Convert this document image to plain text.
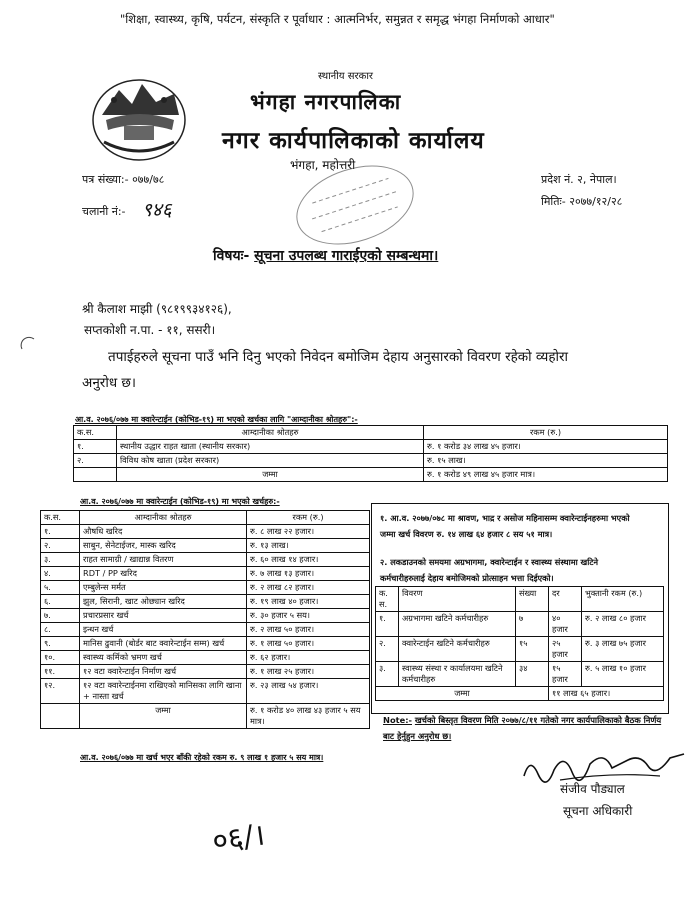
"शिक्षा, स्वास्थ्य, कृषि, पर्यटन, संस्कृति र पूर्वाधार : आत्मनिर्भर, समुन्नत र समृद्ध भंगहा निर्माणको आधार"
स्थानीय सरकार
भंगहा नगरपालिका
नगर कार्यपालिकाको कार्यालय
भंगहा, महोत्तरी
पत्र संख्या:- ०७७/७८
चलानी नं:- ९४६
प्रदेश नं. २, नेपाल।
मितिः- २०७७/१२/२८
विषयः- सूचना उपलब्ध गाराईएको सम्बन्धमा।
श्री कैलाश माझी (९८१९९३४१२६),
सप्तकोशी न.पा. - ११, ससरी।
तपाईहरुले सूचना पाउँ भनि दिनु भएको निवेदन बमोजिम देहाय अनुसारको विवरण रहेको व्यहोरा
अनुरोध छ।
आ.व. २०७६/०७७ मा क्वारेन्टाईन (कोभिड-१९) मा भएको खर्चका लागि "आम्दानीका श्रोतहरु":-
क.स.	आम्दानीका श्रोतहरु	रकम (रु.)
१.	स्थानीय उद्धार राहत खाता (स्थानीय सरकार)	रु. १ करोड ३४ लाख ४५ हजार।
२.	विविध कोष खाता (प्रदेश सरकार)	रु. १५ लाख।
	जम्मा	रु. १ करोड ४९ लाख ४५ हजार मात्र।
आ.व. २०७६/०७७ मा क्वारेन्टाईन (कोभिड-१९) मा भएको खर्चहरु:-
क.स.	आम्दानीका श्रोतहरु	रकम (रु.)
१.	औषधि खरिद	रु. ८ लाख २२ हजार।
२.	साबुन, सेनेटाईजर, मास्क खरिद	रु. १३ लाख।
३.	राहत सामाग्री / खाद्यान्न वितरण	रु. ६० लाख १४ हजार।
४.	RDT / PP खरिद	रु. ७ लाख १३ हजार।
५.	एम्बुलेन्स मर्मत	रु. २ लाख ८२ हजार।
६.	झुल, सिरानी, खाट ओछ्यान खरिद	रु. १९ लाख ४० हजार।
७.	प्रचारप्रसार खर्च	रु. ३० हजार ५ सय।
८.	इन्धन खर्च	रु. २ लाख ५० हजार।
९.	मानिस ढुवानी (बोर्डर बाट क्वारेन्टाईन सम्म) खर्च	रु. १ लाख ५० हजार।
१०.	स्वास्थ्य कर्मिको भ्रमण खर्च	रु. ६२ हजार।
११.	१२ वटा क्वारेन्टाईन निर्माण खर्च	रु. १ लाख २५ हजार।
१२.	१२ वटा क्वारेन्टाईनमा राखिएको मानिसका लागि खाना + नास्ता खर्च	रु. २३ लाख ५४ हजार।
	जम्मा	रु. १ करोड ४० लाख ४३ हजार ५ सय मात्र।
आ.व. २०७६/०७७ मा खर्च भएर बाँकी रहेको रकम रु. ९ लाख १ हजार ५ सय मात्र।
१. आ.व. २०७७/०७८ मा श्रावण, भाद्र र असोज महिनासम्म क्वारेन्टाईनहरुमा भएको
जम्मा खर्च विवरण रु. १४ लाख ६४ हजार ८ सय ५१ मात्र।
२. लकडाउनको समयमा अग्रभागमा, क्वारेन्टाईन र स्वास्थ्य संस्थामा खटिने
कर्मचारीहरुलाई देहाय बमोजिमको प्रोत्साहन भत्ता दिईएको।
क. स.	विवरण	संख्या	दर	भुक्तानी रकम (रु.)
१.	अग्रभागमा खटिने कर्मचारीहरु	७	४० हजार	रु. २ लाख ८० हजार
२.	क्वारेन्टाईन खटिने कर्मचारीहरु	१५	२५ हजार	रु. ३ लाख ७५ हजार
३.	स्वास्थ्य संस्था र कार्यालयमा खटिने कर्मचारीहरु	३४	१५ हजार	रु. ५ लाख १० हजार
जम्मा			११ लाख ६५ हजार।	
Note:- खर्चको बिस्तृत विवरण मिति २०७७/८/११ गतेको नगर कार्यपालिकाको बैठक निर्णय बाट हेर्नुहुन अनुरोध छ।
संजीव पौड्याल
सूचना अधिकारी
०६/।
